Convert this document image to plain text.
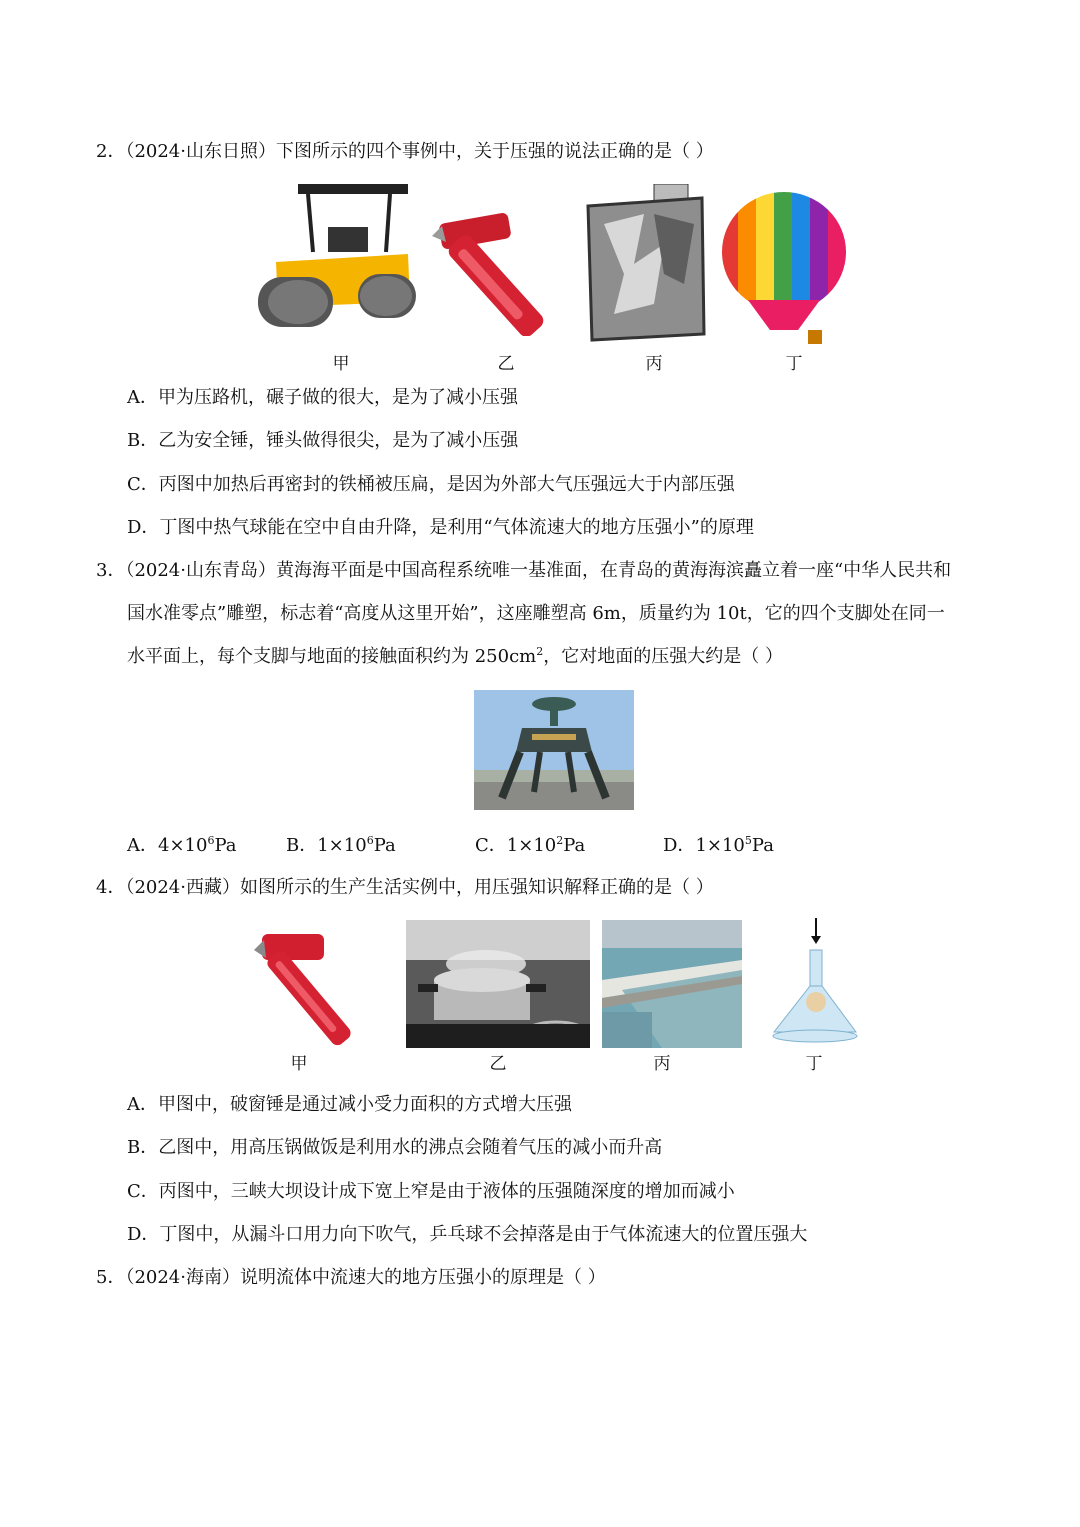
2．（2024·山东日照）下图所示的四个事例中，关于压强的说法正确的是（ ）
甲	乙	丙	丁
A．甲为压路机，碾子做的很大，是为了减小压强
B．乙为安全锤，锤头做得很尖，是为了减小压强
C．丙图中加热后再密封的铁桶被压扁，是因为外部大气压强远大于内部压强
D．丁图中热气球能在空中自由升降，是利用“气体流速大的地方压强小”的原理
3．（2024·山东青岛）黄海海平面是中国高程系统唯一基准面，在青岛的黄海海滨矗立着一座“中华人民共和
国水准零点”雕塑，标志着“高度从这里开始”，这座雕塑高 6m，质量约为 10t，它的四个支脚处在同一
水平面上，每个支脚与地面的接触面积约为 $250cm^2$，它对地面的压强大约是（ ）
A．$4\times 10^6Pa$	B．$1\times 10^6Pa$	C．$1\times 10^2Pa$	D．$1\times 10^5Pa$
4．（2024·西藏）如图所示的生产生活实例中，用压强知识解释正确的是（ ）
甲	乙	丙	丁
A．甲图中，破窗锤是通过减小受力面积的方式增大压强
B．乙图中，用高压锅做饭是利用水的沸点会随着气压的减小而升高
C．丙图中，三峡大坝设计成下宽上窄是由于液体的压强随深度的增加而减小
D．丁图中，从漏斗口用力向下吹气，乒乓球不会掉落是由于气体流速大的位置压强大
5．（2024·海南）说明流体中流速大的地方压强小的原理是（ ）
